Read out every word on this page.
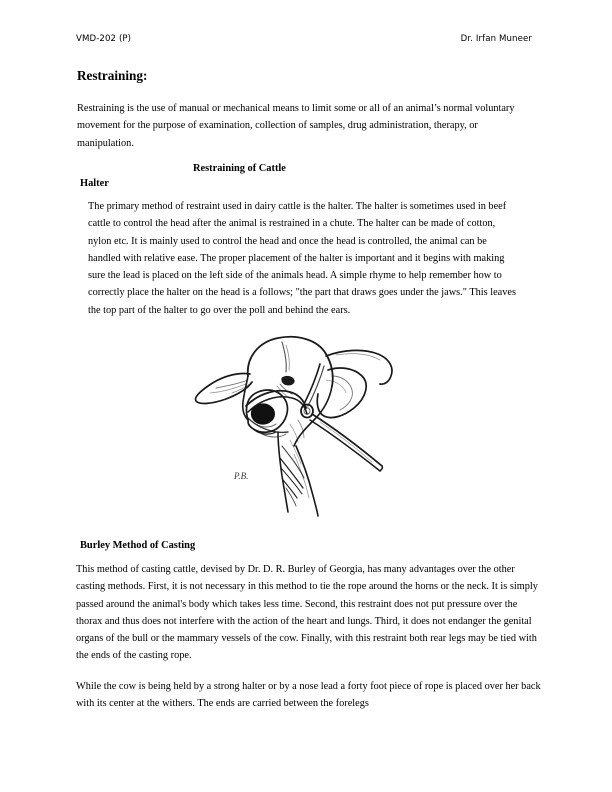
VMD-202 (P)	Dr. Irfan Muneer
Restraining:
Restraining is the use of manual or mechanical means to limit some or all of an animal’s normal voluntary movement for the purpose of examination, collection of samples, drug administration, therapy, or manipulation.
Restraining of Cattle
Halter
The primary method of restraint used in dairy cattle is the halter. The halter is sometimes used in beef cattle to control the head after the animal is restrained in a chute. The halter can be made of cotton, nylon etc. It is mainly used to control the head and once the head is controlled, the animal can be handled with relative ease. The proper placement of the halter is important and it begins with making sure the lead is placed on the left side of the animals head. A simple rhyme to help remember how to correctly place the halter on the head is a follows; "the part that draws goes under the jaws." This leaves the top part of the halter to go over the poll and behind the ears.
P.B.
Burley Method of Casting
This method of casting cattle, devised by Dr. D. R. Burley of Georgia, has many advantages over the other casting methods. First, it is not necessary in this method to tie the rope around the horns or the neck. It is simply passed around the animal's body which takes less time. Second, this restraint does not put pressure over the thorax and thus does not interfere with the action of the heart and lungs. Third, it does not endanger the genital organs of the bull or the mammary vessels of the cow. Finally, with this restraint both rear legs may be tied with the ends of the casting rope.
While the cow is being held by a strong halter or by a nose lead a forty foot piece of rope is placed over her back with its center at the withers. The ends are carried between the forelegs
